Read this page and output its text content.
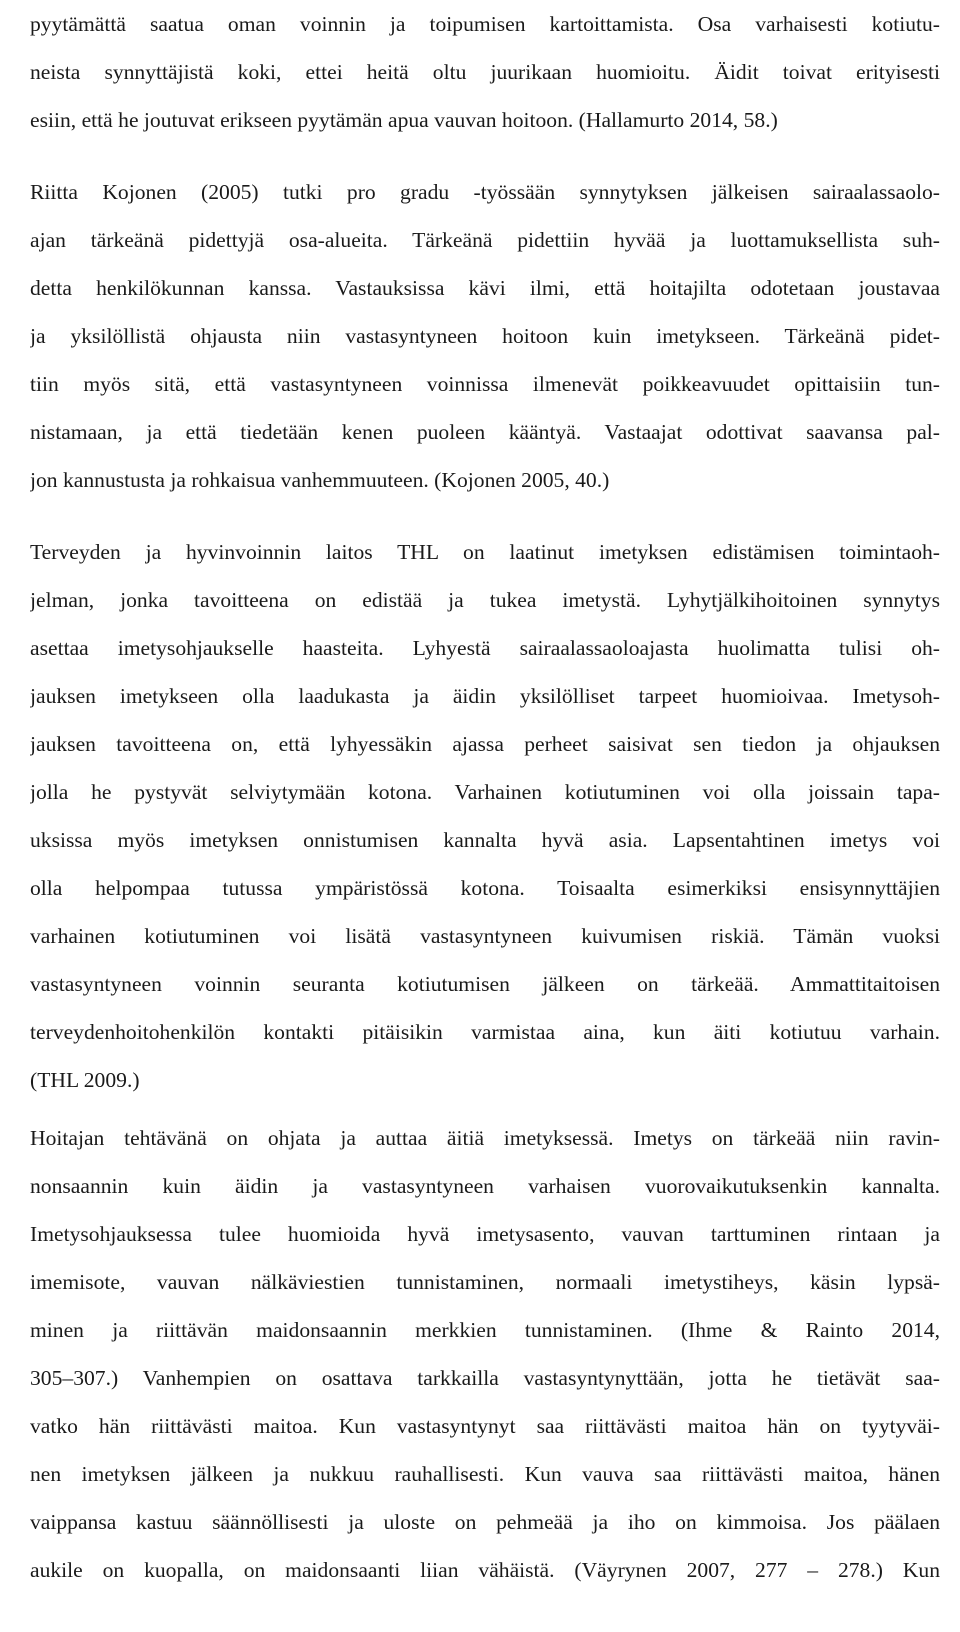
pyytämättä saatua oman voinnin ja toipumisen kartoittamista. Osa varhaisesti kotiutu-
neista synnyttäjistä koki, ettei heitä oltu juurikaan huomioitu. Äidit toivat erityisesti
esiin, että he joutuvat erikseen pyytämän apua vauvan hoitoon. (Hallamurto 2014, 58.)
Riitta Kojonen (2005) tutki pro gradu -työssään synnytyksen jälkeisen sairaalassaolo-
ajan tärkeänä pidettyjä osa-alueita. Tärkeänä pidettiin hyvää ja luottamuksellista suh-
detta henkilökunnan kanssa. Vastauksissa kävi ilmi, että hoitajilta odotetaan joustavaa
ja yksilöllistä ohjausta niin vastasyntyneen hoitoon kuin imetykseen. Tärkeänä pidet-
tiin myös sitä, että vastasyntyneen voinnissa ilmenevät poikkeavuudet opittaisiin tun-
nistamaan, ja että tiedetään kenen puoleen kääntyä. Vastaajat odottivat saavansa pal-
jon kannustusta ja rohkaisua vanhemmuuteen. (Kojonen 2005, 40.)
Terveyden ja hyvinvoinnin laitos THL on laatinut imetyksen edistämisen toimintaoh-
jelman, jonka tavoitteena on edistää ja tukea imetystä. Lyhytjälkihoitoinen synnytys
asettaa imetysohjaukselle haasteita. Lyhyestä sairaalassaoloajasta huolimatta tulisi oh-
jauksen imetykseen olla laadukasta ja äidin yksilölliset tarpeet huomioivaa. Imetysoh-
jauksen tavoitteena on, että lyhyessäkin ajassa perheet saisivat sen tiedon ja ohjauksen
jolla he pystyvät selviytymään kotona. Varhainen kotiutuminen voi olla joissain tapa-
uksissa myös imetyksen onnistumisen kannalta hyvä asia. Lapsentahtinen imetys voi
olla helpompaa tutussa ympäristössä kotona. Toisaalta esimerkiksi ensisynnyttäjien
varhainen kotiutuminen voi lisätä vastasyntyneen kuivumisen riskiä. Tämän vuoksi
vastasyntyneen voinnin seuranta kotiutumisen jälkeen on tärkeää. Ammattitaitoisen
terveydenhoitohenkilön kontakti pitäisikin varmistaa aina, kun äiti kotiutuu varhain.
(THL 2009.)
Hoitajan tehtävänä on ohjata ja auttaa äitiä imetyksessä. Imetys on tärkeää niin ravin-
nonsaannin kuin äidin ja vastasyntyneen varhaisen vuorovaikutuksenkin kannalta.
Imetysohjauksessa tulee huomioida hyvä imetysasento, vauvan tarttuminen rintaan ja
imemisote, vauvan nälkäviestien tunnistaminen, normaali imetystiheys, käsin lypsä-
minen ja riittävän maidonsaannin merkkien tunnistaminen. (Ihme & Rainto 2014,
305–307.) Vanhempien on osattava tarkkailla vastasyntynyttään, jotta he tietävät saa-
vatko hän riittävästi maitoa. Kun vastasyntynyt saa riittävästi maitoa hän on tyytyväi-
nen imetyksen jälkeen ja nukkuu rauhallisesti. Kun vauva saa riittävästi maitoa, hänen
vaippansa kastuu säännöllisesti ja uloste on pehmeää ja iho on kimmoisa. Jos päälaen
aukile on kuopalla, on maidonsaanti liian vähäistä. (Väyrynen 2007, 277 – 278.) Kun
